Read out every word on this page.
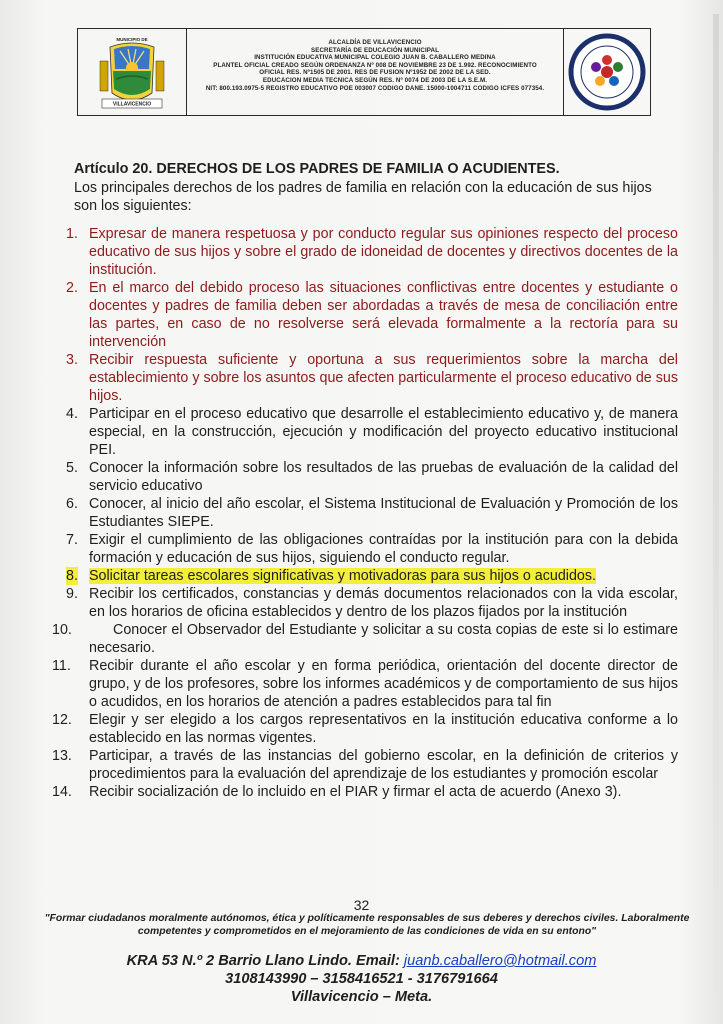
MUNICIPIO DE
VILLAVICENCIO
ALCALDÍA DE VILLAVICENCIO
SECRETARÍA DE EDUCACIÓN MUNICIPAL
INSTITUCIÓN EDUCATIVA MUNICIPAL COLEGIO JUAN B. CABALLERO MEDINA
PLANTEL OFICIAL CREADO SEGÚN ORDENANZA Nº 008 DE NOVIEMBRE 23 DE 1.992. RECONOCIMIENTO
OFICIAL RES. Nº1505 DE 2001. RES DE FUSION Nº1952 DE 2002 DE LA SED.
EDUCACION MEDIA TECNICA SEGÚN RES. Nº 0074 DE 2003 DE LA S.E.M.
NIT: 800.193.0975-5 REGISTRO EDUCATIVO POE 003007 CODIGO DANE. 15000-1004711 CODIGO ICFES 077354.

Artículo 20. DERECHOS DE LOS PADRES DE FAMILIA O ACUDIENTES.

Los principales derechos de los padres de familia en relación con la educación de sus hijos son los siguientes:

1. Expresar de manera respetuosa y por conducto regular sus opiniones respecto del proceso educativo de sus hijos y sobre el grado de idoneidad de docentes y directivos docentes de la institución.
2. En el marco del debido proceso las situaciones conflictivas entre docentes y estudiante o docentes y padres de familia deben ser abordadas a través de mesa de conciliación entre las partes, en caso de no resolverse será elevada formalmente a la rectoría para su intervención
3. Recibir respuesta suficiente y oportuna a sus requerimientos sobre la marcha del establecimiento y sobre los asuntos que afecten particularmente el proceso educativo de sus hijos.
4. Participar en el proceso educativo que desarrolle el establecimiento educativo y, de manera especial, en la construcción, ejecución y modificación del proyecto educativo institucional PEI.
5. Conocer la información sobre los resultados de las pruebas de evaluación de la calidad del servicio educativo
6. Conocer, al inicio del año escolar, el Sistema Institucional de Evaluación y Promoción de los Estudiantes SIEPE.
7. Exigir el cumplimiento de las obligaciones contraídas por la institución para con la debida formación y educación de sus hijos, siguiendo el conducto regular.
8. Solicitar tareas escolares significativas y motivadoras para sus hijos o acudidos.
9. Recibir los certificados, constancias y demás documentos relacionados con la vida escolar, en los horarios de oficina establecidos y dentro de los plazos fijados por la institución
10.	Conocer el Observador del Estudiante y solicitar a su costa copias de este si lo estimare necesario.
11. Recibir durante el año escolar y en forma periódica, orientación del docente director de grupo, y de los profesores, sobre los informes académicos y de comportamiento de sus hijos o acudidos, en los horarios de atención a padres establecidos para tal fin
12. Elegir y ser elegido a los cargos representativos en la institución educativa conforme a lo establecido en las normas vigentes.
13. Participar, a través de las instancias del gobierno escolar, en la definición de criterios y procedimientos para la evaluación del aprendizaje de los estudiantes y promoción escolar
14. Recibir socialización de lo incluido en el PIAR y firmar el acta de acuerdo (Anexo 3).
32
"Formar ciudadanos moralmente autónomos, ética y políticamente responsables de sus deberes y derechos civiles. Laboralmente competentes y comprometidos en el mejoramiento de las condiciones de vida en su entono"
KRA 53 N.º 2 Barrio Llano Lindo. Email: juanb.caballero@hotmail.com
3108143990 – 3158416521 - 3176791664
Villavicencio – Meta.
